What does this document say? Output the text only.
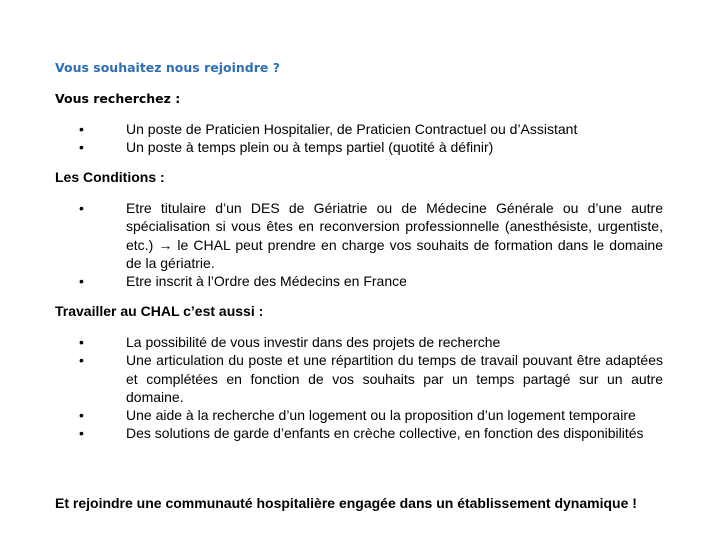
Vous souhaitez nous rejoindre ?
Vous recherchez :
•	Un poste de Praticien Hospitalier, de Praticien Contractuel ou d’Assistant
•	Un poste à temps plein ou à temps partiel (quotité à définir)
Les Conditions :
•	Etre titulaire d’un DES de Gériatrie ou de Médecine Générale ou d’une autre spécialisation si vous êtes en reconversion professionnelle (anesthésiste, urgentiste, etc.) → le CHAL peut prendre en charge vos souhaits de formation dans le domaine de la gériatrie.
•	Etre inscrit à l’Ordre des Médecins en France
Travailler au CHAL c’est aussi :
•	La possibilité de vous investir dans des projets de recherche
•	Une articulation du poste et une répartition du temps de travail pouvant être adaptées et complétées en fonction de vos souhaits par un temps partagé sur un autre domaine.
•	Une aide à la recherche d’un logement ou la proposition d’un logement temporaire
•	Des solutions de garde d’enfants en crèche collective, en fonction des disponibilités
Et rejoindre une communauté hospitalière engagée dans un établissement dynamique !
